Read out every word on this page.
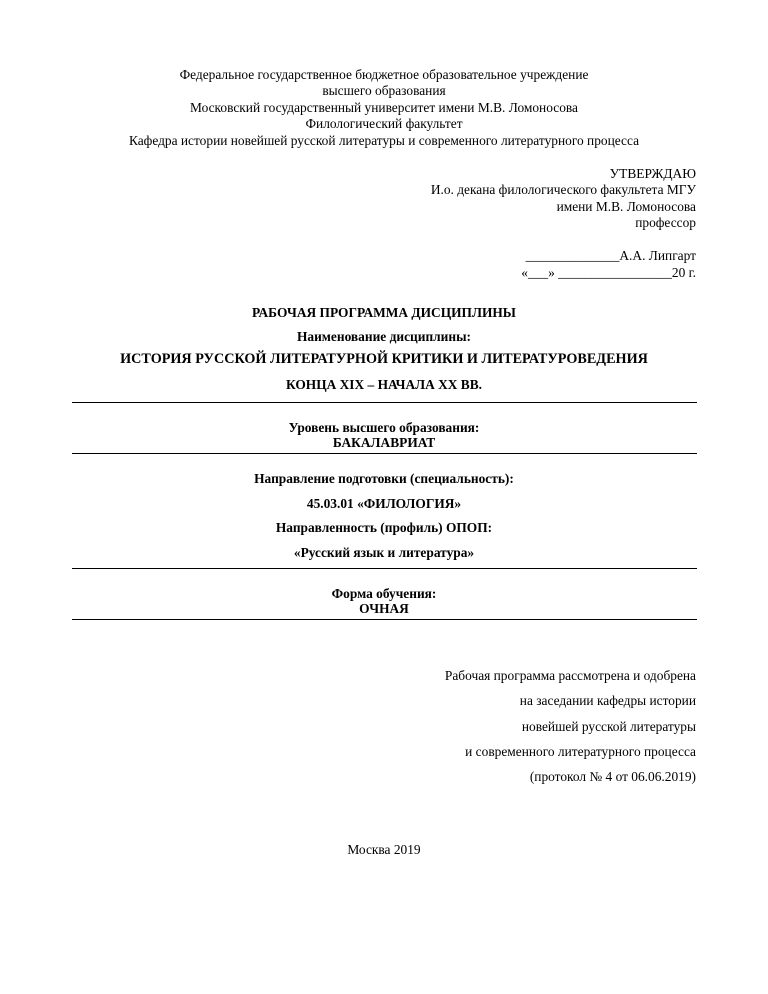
Федеральное государственное бюджетное образовательное учреждение
высшего образования
Московский государственный университет имени М.В. Ломоносова
Филологический факультет
Кафедра истории новейшей русской литературы и современного литературного процесса
УТВЕРЖДАЮ
И.о. декана филологического факультета МГУ
имени М.В. Ломоносова
профессор
______________А.А. Липгарт
«___» _________________20 г.
РАБОЧАЯ ПРОГРАММА ДИСЦИПЛИНЫ
Наименование дисциплины:
ИСТОРИЯ РУССКОЙ ЛИТЕРАТУРНОЙ КРИТИКИ И ЛИТЕРАТУРОВЕДЕНИЯ
КОНЦА XIX – НАЧАЛА XX ВВ.
Уровень высшего образования:
БАКАЛАВРИАТ
Направление подготовки (специальность):
45.03.01 «ФИЛОЛОГИЯ»
Направленность (профиль) ОПОП:
«Русский язык и литература»
Форма обучения:
ОЧНАЯ
Рабочая программа рассмотрена и одобрена
на заседании кафедры истории
новейшей русской литературы
и современного литературного процесса
(протокол № 4 от 06.06.2019)
Москва 2019
